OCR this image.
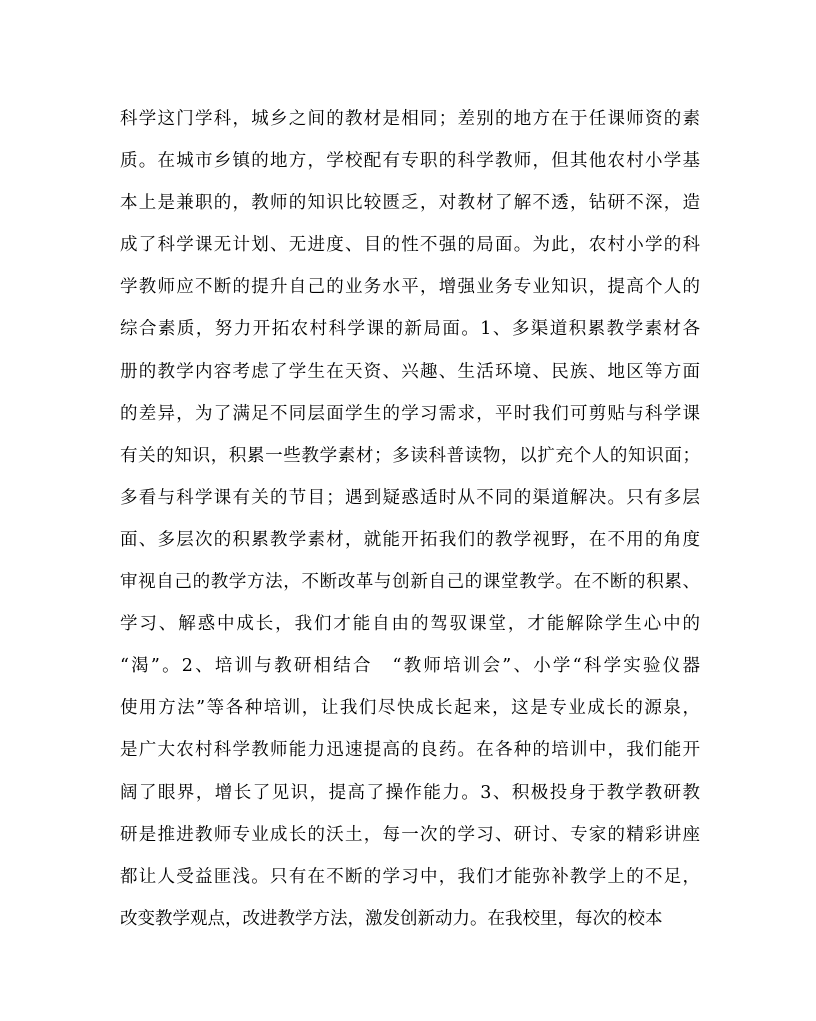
科学这门学科，城乡之间的教材是相同；差别的地方在于任课师资的素
质。在城市乡镇的地方，学校配有专职的科学教师，但其他农村小学基
本上是兼职的，教师的知识比较匮乏，对教材了解不透，钻研不深，造
成了科学课无计划、无进度、目的性不强的局面。为此，农村小学的科
学教师应不断的提升自己的业务水平，增强业务专业知识，提高个人的
综合素质，努力开拓农村科学课的新局面。1、多渠道积累教学素材各
册的教学内容考虑了学生在天资、兴趣、生活环境、民族、地区等方面
的差异，为了满足不同层面学生的学习需求，平时我们可剪贴与科学课
有关的知识，积累一些教学素材；多读科普读物，以扩充个人的知识面；
多看与科学课有关的节目；遇到疑惑适时从不同的渠道解决。只有多层
面、多层次的积累教学素材，就能开拓我们的教学视野，在不用的角度
审视自己的教学方法，不断改革与创新自己的课堂教学。在不断的积累、
学习、解惑中成长，我们才能自由的驾驭课堂，才能解除学生心中的
“渴”。2、培训与教研相结合　“教师培训会”、小学“科学实验仪器
使用方法”等各种培训，让我们尽快成长起来，这是专业成长的源泉，
是广大农村科学教师能力迅速提高的良药。在各种的培训中，我们能开
阔了眼界，增长了见识，提高了操作能力。3、积极投身于教学教研教
研是推进教师专业成长的沃土，每一次的学习、研讨、专家的精彩讲座
都让人受益匪浅。只有在不断的学习中，我们才能弥补教学上的不足，
改变教学观点，改进教学方法，激发创新动力。在我校里，每次的校本
